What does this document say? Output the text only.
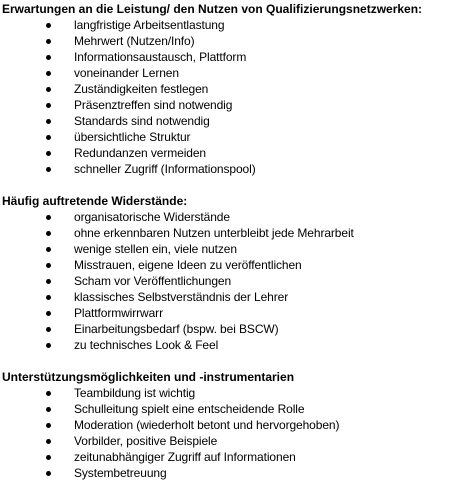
Erwartungen an die Leistung/ den Nutzen von Qualifizierungsnetzwerken:
langfristige Arbeitsentlastung
Mehrwert (Nutzen/Info)
Informationsaustausch, Plattform
voneinander Lernen
Zuständigkeiten festlegen
Präsenztreffen sind notwendig
Standards sind notwendig
übersichtliche Struktur
Redundanzen vermeiden
schneller Zugriff (Informationspool)
Häufig auftretende Widerstände:
organisatorische Widerstände
ohne erkennbaren Nutzen unterbleibt jede Mehrarbeit
wenige stellen ein, viele nutzen
Misstrauen, eigene Ideen zu veröffentlichen
Scham vor Veröffentlichungen
klassisches Selbstverständnis der Lehrer
Plattformwirrwarr
Einarbeitungsbedarf (bspw. bei BSCW)
zu technisches Look & Feel
Unterstützungsmöglichkeiten und -instrumentarien
Teambildung ist wichtig
Schulleitung spielt eine entscheidende Rolle
Moderation (wiederholt betont und hervorgehoben)
Vorbilder, positive Beispiele
zeitunabhängiger Zugriff auf Informationen
Systembetreuung
